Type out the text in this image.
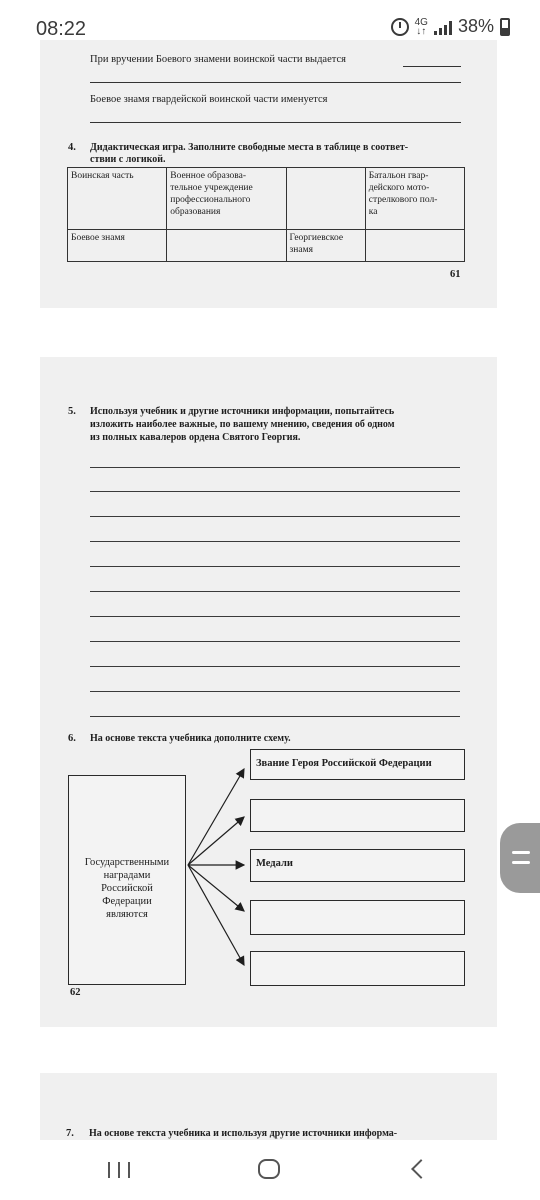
08:22	4G
↓↑ 38%
При вручении Боевого знамени воинской части выдается
Боевое знамя гвардейской воинской части именуется
4. Дидактическая игра. Заполните свободные места в таблице в соответ-
ствии с логикой.
Воинская часть	Военное образова-
тельное учреждение
профессионального
образования		Батальон гвар-
дейского мото-
стрелкового пол-
ка
Боевое знамя		Георгиевское
знамя	
61
5. Используя учебник и другие источники информации, попытайтесь
изложить наиболее важные, по вашему мнению, сведения об одном
из полных кавалеров ордена Святого Георгия.
6. На основе текста учебника дополните схему.
Государственными
наградами
Российской
Федерации
являются
Звание Героя Российской Федерации
Медали
62
7. На основе текста учебника и используя другие источники информа-
